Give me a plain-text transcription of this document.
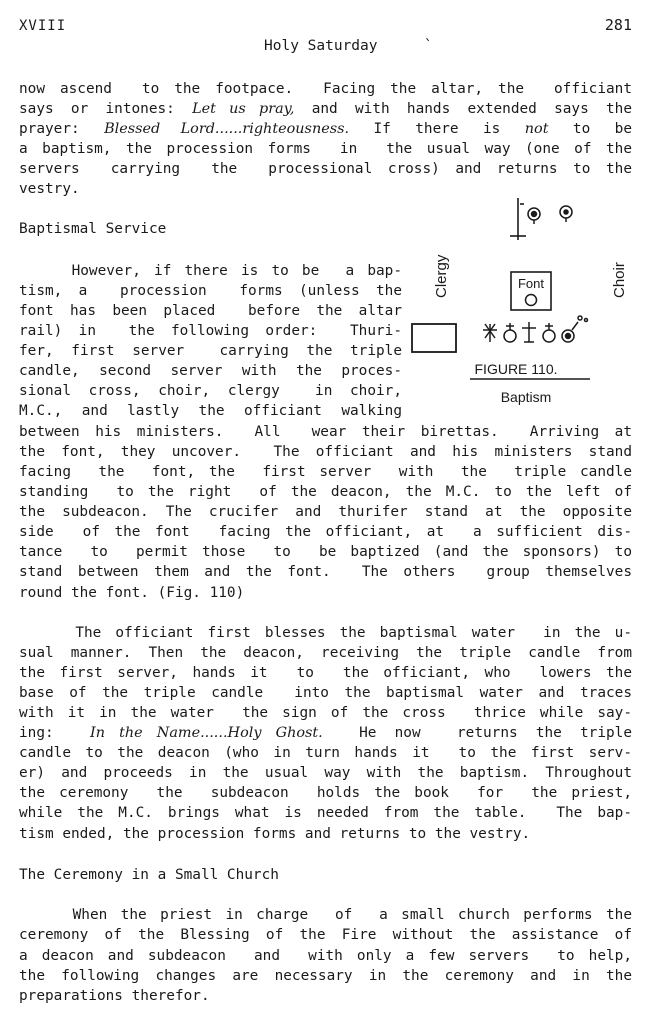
XVIII	281
Holy Saturday	`
now ascend  to the footpace.  Facing the altar, the  officiant
says or intones: Let us pray, and with hands extended says the
prayer: Blessed Lord......righteousness. If there is not to be
a baptism, the procession forms  in  the usual way (one of the
servers  carrying  the  processional cross) and returns to the
vestry.
Baptismal Service
However, if there is to be  a bap-
tism, a  procession  forms (unless the
font has been placed  before the altar
rail) in  the following order:  Thuri-
fer, first server  carrying the triple
candle, second server with the proces-
sional cross, choir, clergy  in choir,
M.C., and lastly the officiant walking
between his ministers.  All  wear their birettas.  Arriving at
the font, they uncover.  The officiant and his ministers stand
facing  the  font, the  first server  with  the  triple candle
standing  to the right  of the deacon, the M.C. to the left of
the subdeacon. The crucifer and thurifer stand at the opposite
side  of the font  facing the officiant, at  a sufficient dis-
tance  to  permit those  to  be baptized (and the sponsors) to
stand between them and the font.  The others  group themselves
round the font. (Fig. 110)
Clergy	Choir
Font
FIGURE 110.
Baptism
The officiant first blesses the baptismal water  in the u-
sual manner. Then the deacon, receiving the triple candle from
the first server, hands it  to  the officiant, who  lowers the
base of the triple candle  into the baptismal water and traces
with it in the water  the sign of the cross  thrice while say-
ing:  In the Name......Holy Ghost.  He now  returns the triple
candle to the deacon (who in turn hands it  to the first serv-
er) and proceeds in the usual way with the baptism. Throughout
the ceremony  the  subdeacon  holds the book  for  the priest,
while the M.C. brings what is needed from the table.  The bap-
tism ended, the procession forms and returns to the vestry.
The Ceremony in a Small Church
When the priest in charge  of  a small church performs the
ceremony of the Blessing of the Fire without the assistance of
a deacon and subdeacon  and  with only a few servers  to help,
the following changes are necessary in the ceremony and in the
preparations therefor.
